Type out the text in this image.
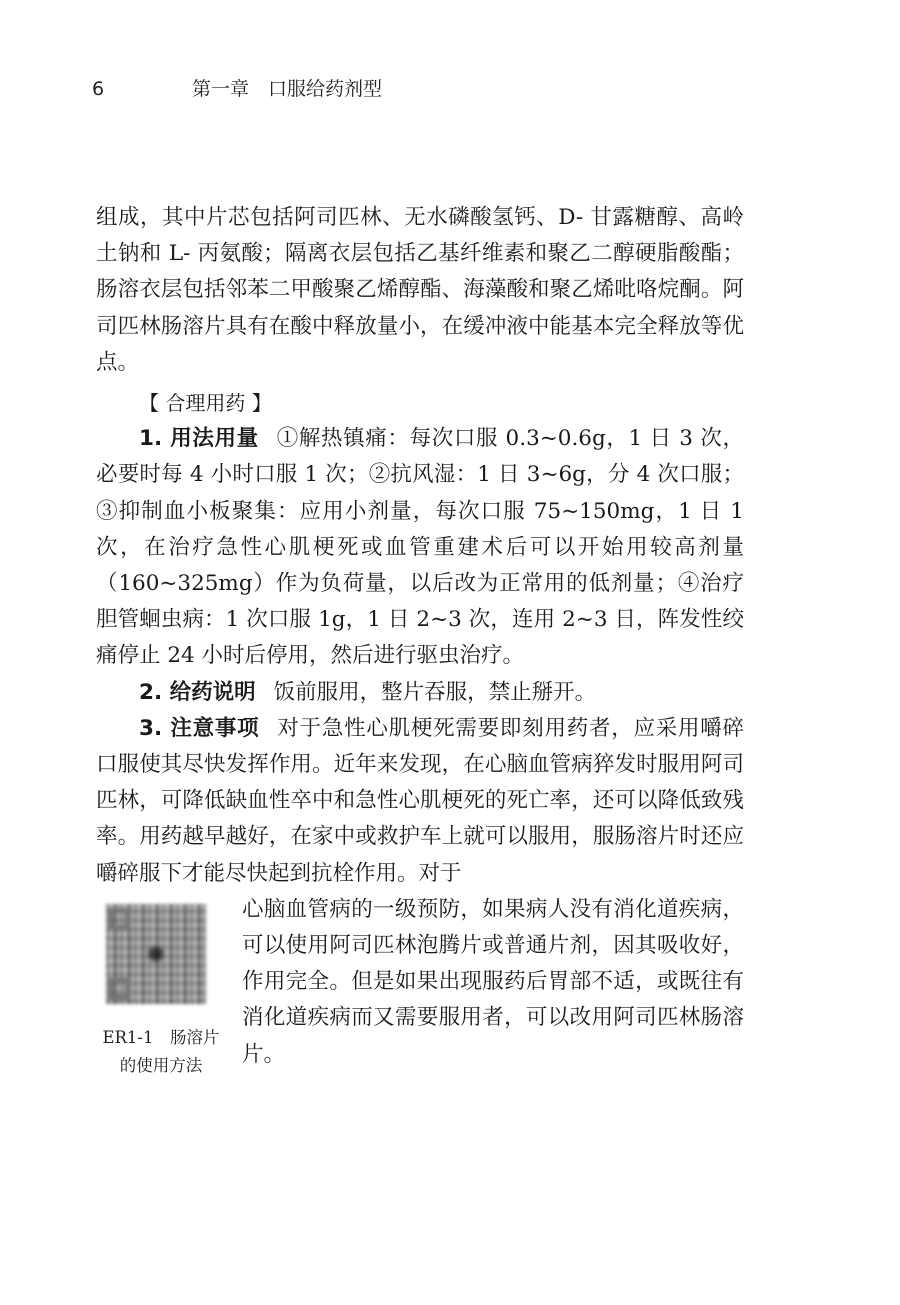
6	第一章　口服给药剂型

组成，其中片芯包括阿司匹林、无水磷酸氢钙、D- 甘露糖醇、高岭土钠和 L- 丙氨酸；隔离衣层包括乙基纤维素和聚乙二醇硬脂酸酯；肠溶衣层包括邻苯二甲酸聚乙烯醇酯、海藻酸和聚乙烯吡咯烷酮。阿司匹林肠溶片具有在酸中释放量小，在缓冲液中能基本完全释放等优点。

【 合理用药 】

1. 用法用量 ①解热镇痛：每次口服 0.3~0.6g，1 日 3 次，必要时每 4 小时口服 1 次；②抗风湿：1 日 3~6g，分 4 次口服；③抑制血小板聚集：应用小剂量，每次口服 75~150mg，1 日 1 次，在治疗急性心肌梗死或血管重建术后可以开始用较高剂量（160~325mg）作为负荷量，以后改为正常用的低剂量；④治疗胆管蛔虫病：1 次口服 1g，1 日 2~3 次，连用 2~3 日，阵发性绞痛停止 24 小时后停用，然后进行驱虫治疗。

2. 给药说明 饭前服用，整片吞服，禁止掰开。

3. 注意事项 对于急性心肌梗死需要即刻用药者，应采用嚼碎口服使其尽快发挥作用。近年来发现，在心脑血管病猝发时服用阿司匹林，可降低缺血性卒中和急性心肌梗死的死亡率，还可以降低致残率。用药越早越好，在家中或救护车上就可以服用，服肠溶片时还应嚼碎服下才能尽快起到抗栓作用。对于

ER1-1　肠溶片的使用方法

心脑血管病的一级预防，如果病人没有消化道疾病，可以使用阿司匹林泡腾片或普通片剂，因其吸收好，作用完全。但是如果出现服药后胃部不适，或既往有消化道疾病而又需要服用者，可以改用阿司匹林肠溶片。
